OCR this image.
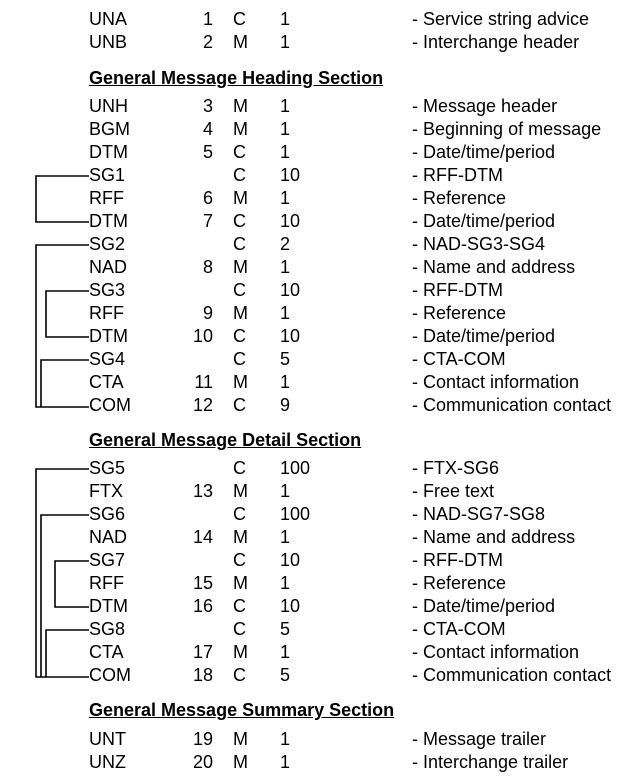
UNA	1 C 1	- Service string advice
UNB	2 M 1	- Interchange header
General Message Heading Section
UNH	3 M 1	- Message header
BGM	4 M 1	- Beginning of message
DTM	5 C 1	- Date/time/period
SG1	C 10	- RFF-DTM
RFF	6 M 1	- Reference
DTM	7 C 10	- Date/time/period
SG2	C 2	- NAD-SG3-SG4
NAD	8 M 1	- Name and address
SG3	C 10	- RFF-DTM
RFF	9 M 1	- Reference
DTM	10 C 10	- Date/time/period
SG4	C 5	- CTA-COM
CTA	11 M 1	- Contact information
COM	12 C 9	- Communication contact
General Message Detail Section
SG5	C 100	- FTX-SG6
FTX	13 M 1	- Free text
SG6	C 100	- NAD-SG7-SG8
NAD	14 M 1	- Name and address
SG7	C 10	- RFF-DTM
RFF	15 M 1	- Reference
DTM	16 C 10	- Date/time/period
SG8	C 5	- CTA-COM
CTA	17 M 1	- Contact information
COM	18 C 5	- Communication contact
General Message Summary Section
UNT	19 M 1	- Message trailer
UNZ	20 M 1	- Interchange trailer
